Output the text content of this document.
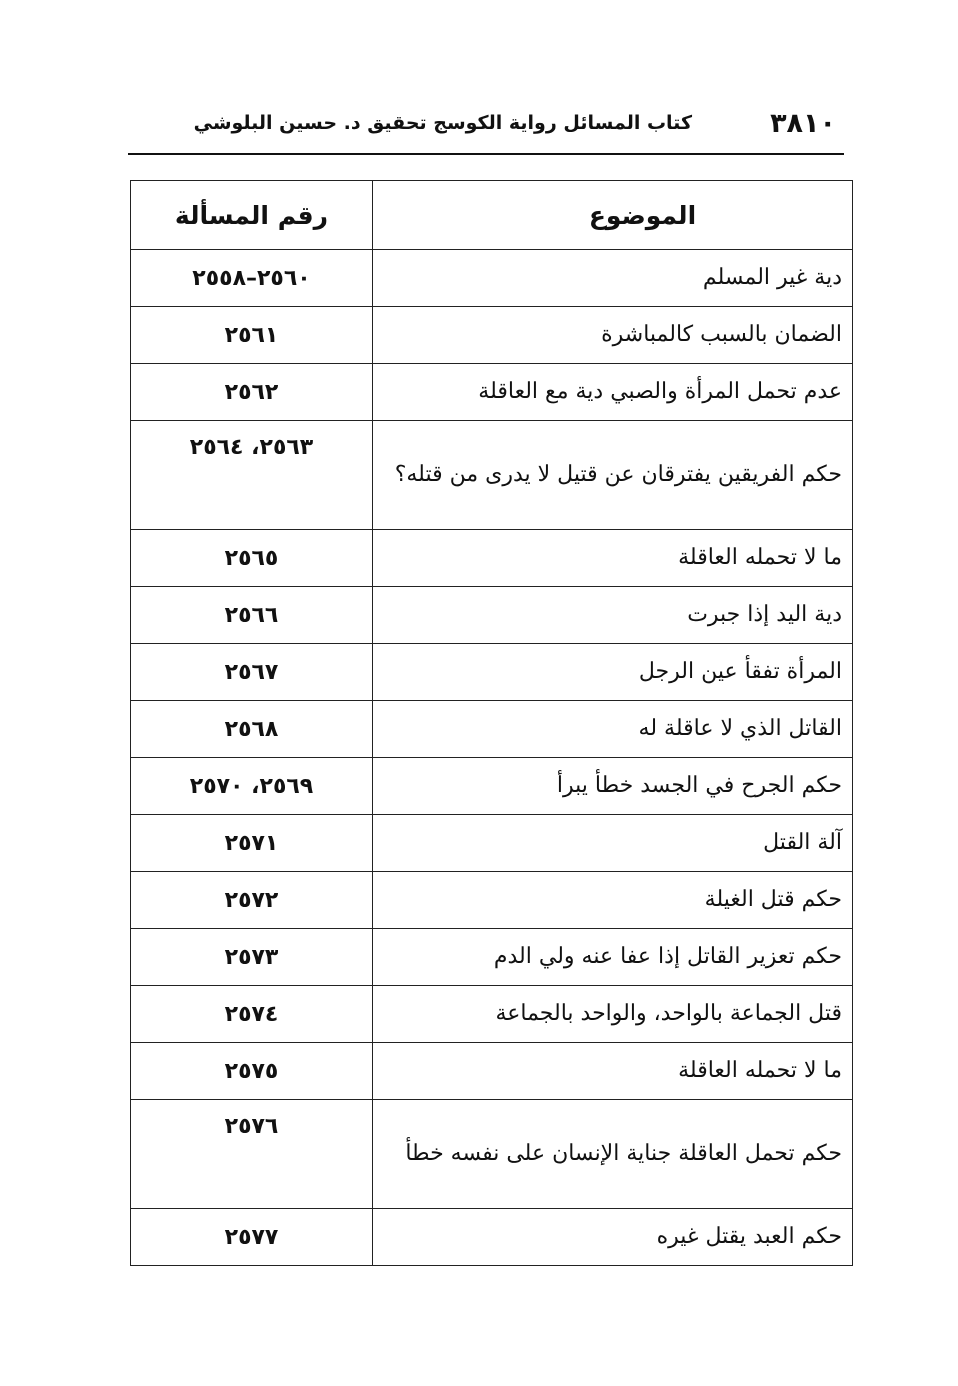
٣٨١٠
كتاب المسائل رواية الكوسج تحقيق د. حسين البلوشي
الموضوع	رقم المسألة
دية غير المسلم	٢٥٦٠–٢٥٥٨
الضمان بالسبب كالمباشرة	٢٥٦١
عدم تحمل المرأة والصبي دية مع العاقلة	٢٥٦٢
حكم الفريقين يفترقان عن قتيل لا يدرى من قتله؟	٢٥٦٣، ٢٥٦٤
ما لا تحمله العاقلة	٢٥٦٥
دية اليد إذا جبرت	٢٥٦٦
المرأة تفقأ عين الرجل	٢٥٦٧
القاتل الذي لا عاقلة له	٢٥٦٨
حكم الجرح في الجسد خطأ يبرأ	٢٥٦٩، ٢٥٧٠
آلة القتل	٢٥٧١
حكم قتل الغيلة	٢٥٧٢
حكم تعزير القاتل إذا عفا عنه ولي الدم	٢٥٧٣
قتل الجماعة بالواحد، والواحد بالجماعة	٢٥٧٤
ما لا تحمله العاقلة	٢٥٧٥
حكم تحمل العاقلة جناية الإنسان على نفسه خطأ	٢٥٧٦
حكم العبد يقتل غيره	٢٥٧٧
